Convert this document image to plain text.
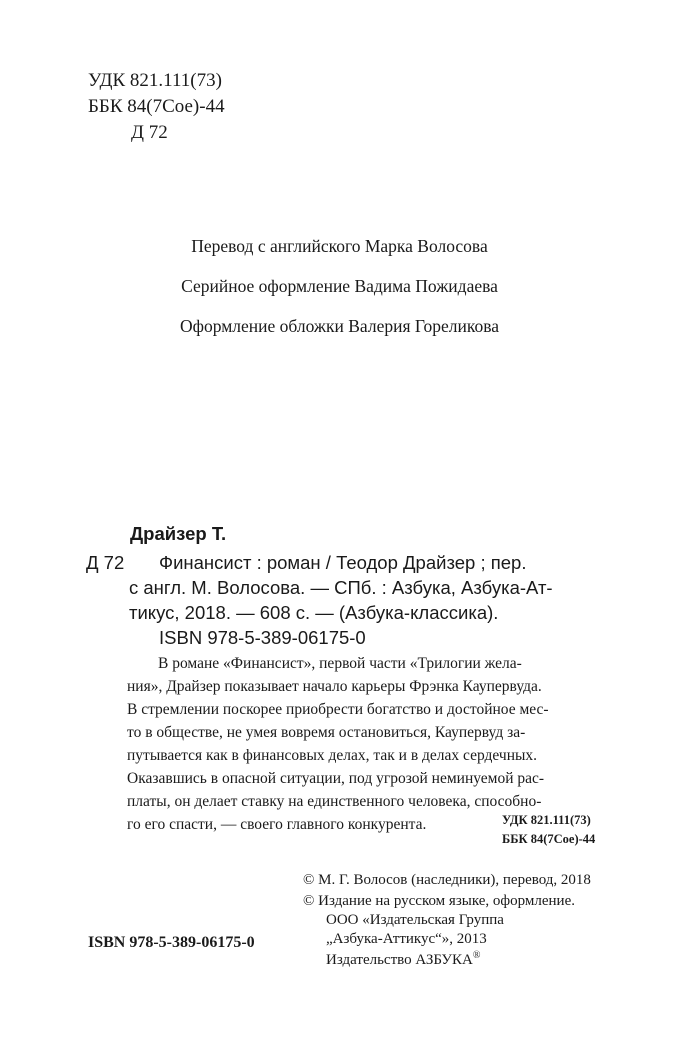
УДК 821.111(73)
ББК 84(7Сое)-44
Д 72
Перевод с английского Марка Волосова
Серийное оформление Вадима Пожидаева
Оформление обложки Валерия Гореликова
Драйзер Т.
Д 72 Финансист : роман / Теодор Драйзер ; пер.
с англ. М. Волосова. — СПб. : Азбука, Азбука-Ат-
тикус, 2018. — 608 с. — (Азбука-классика).
ISBN 978-5-389-06175-0
В романе «Финансист», первой части «Трилогии жела-
ния», Драйзер показывает начало карьеры Фрэнка Каупервуда.
В стремлении поскорее приобрести богатство и достойное мес-
то в обществе, не умея вовремя остановиться, Каупервуд за-
путывается как в финансовых делах, так и в делах сердечных.
Оказавшись в опасной ситуации, под угрозой неминуемой рас-
платы, он делает ставку на единственного человека, способно-
го его спасти, — своего главного конкурента.	УДК 821.111(73)
ББК 84(7Сое)-44
© М. Г. Волосов (наследники), перевод, 2018
© Издание на русском языке, оформление.
ООО «Издательская Группа
„Азбука-Аттикус“», 2013
Издательство АЗБУКА®
ISBN 978-5-389-06175-0
